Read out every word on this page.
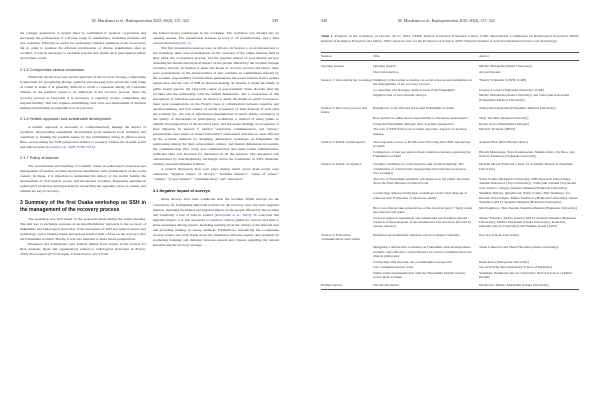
M. Murakami et al.: Radioprotection 2025, 60(4), 337–343	339

the younger generation. A system must be established to promote cooperation and encourage the participation of a diverse range of stakeholders, including evacuees and new residents. Diversity is useful for addressing complex situations at the local level, but in order to promote the efficient participation of diverse stakeholders after an accident, it will be necessary to establish systems that enable such participation before an accident occurs.

2.1.5 Compromise versus consensus

Within the decision process and the selection of the recovery strategy, compromise is important for recognizing diverse opinions and restoring trust. Given the wide range of values at stake, it is generally difficult to reach a consensus among all concerned citizens on the sensitive issues to be addressed in the recovery process. Since the recovery process is long-term, it is necessary to regularly review compromise and respond flexibly. This also requires establishing clear roles and mechanisms of decision making and building an adaptable recovery process.

2.1.6 Holistic approach and sustainable development

A holistic approach is necessary to comprehensively manage the impact of accidents. Incorporating sustainable development goals enhances local resilience and contribute to framing the possible future for the communities living in affected areas. Here, incorporating the SSH perspective enables to properly address the broader social and ethical issues (Cordaill et al., 2020; ICRP, 2018).

2.1.7 Policy of science

The prioritization and handling of scientific issues in radiological protection and management of nuclear accident should be determined with consideration of the social context. In Japan, it is important to understand the history of the atomic bombs, the development of civil nuclear power, and the nuclear accidents. Deepening expertise in radiological protection and appropriately reconciling the opposing views of experts and citizens are key to recovery.

3 Summary of the first Osaka workshop on SSH in the management of the recovery process

The workshop was held based on the proposals made during the online meeting. The aim was to exchange opinions on an interdisciplinary approach to the recovery of Fukushima and radiological protection, from viewpoints of SSH and related science and technology, and to identify issues and lessons learned with a focus on the recovery after the Fukushima accident. Finally, it was also intended to share future perspectives.

Presenters and participants were invited, mainly from experts in the Society for Risk Analysis Japan and organizations related to radiological protection in France. Thirty-five experts (27 from Japan, 6 from France, and 2 from

the United States) participated in the workshop. The workshop was divided into an opening session, five presentation sessions (a total of 19 presentations), and a final overall discussion (Tab. 1).

The five presentation sessions were as follows. In Session 1, as an introduction to the workshop, there were presentations on the overview of the online meeting held in May 2024, the co-expertise process, and the negative impact of post-disaster surveys including the mental and physical impact on the people affected by the accident through excessive surveys. In Session 2, under the theme of recovery process and future, there were presentations on the characteristics of new residents in communities affected by the accident, responsibility towards future generations, the power balance from a gender perspective, and the role of SSH in decision-making. In Session 3, under the theme of public health aspects, the long-term course of post-traumatic stress disorder after the accident and the relationship with the human dimensions, and a comparison of risk perceptions of radiation exposure. In Session 4, under the theme of public acceptance, there were presentations on the French cases of collaboration between expertise and decision-making, and four studies on public acceptance of final disposal of soils after the accident (i.e., the role of information dissemination in public debate, evaluation of the quality of discussions in participatory workshops, a method of using games to identify the perspectives of the involved party, and the recent findings on acceptance of final disposal). In Session 5, entitled “education, communication, and culture,” presentations were made on Osaka University’s educational activities in areas affected by the accident, methods for designing deliberative workshops on Fukushima, the relationship among the land, environment, culture, and human dimensions in tourism, life communication after crisis, and communication and stable iodine administration. Sufficient time was allocated for discussion in all the sessions. The discussion was characterized by interdisciplinary exchanges across the boundaries of SSH, medicine, nursing, and environmental sciences.

A general discussion then took place during which seven main points were addressed: “negative impact of surveys,” “harmful rumours,” “sense of values,” “culture,” “power balance,” “communication,” and “education”.

3.1 Negative impact of surveys

Many surveys have been conducted after the accident. While surveys are the cornerstone for formulating important policies for the recovery, they also have negative impacts, including the mental and physical impact on the people affected by the accident and eventually a loss of trust in science (Kobayashi et al., 2025). To overcome this negative impact, it is first necessary to reinforce ethical guides for surveys and then to share awareness among experts, including learning about the culture of the affected area and providing training on survey methods. Furthermore, introducing the co-expertise process would also help break down the imbalance between experts and residents by promoting listening and dialogue between experts and citizens regarding the current situation and the recovery strategy.

340	M. Murakami et al.: Radioprotection 2025, 60(4), 337–343
Table 1. Program on the workshop on October 26–27, 2024. CEPN: Nuclear Protection Evaluation Centre; ICRP: International Commission on Radiological Protection; IRSN: Institute of Radiation Protection and Safety; JSPS: Japan Society for the Promotion of Science; AIST: National Institute of Advanced Industrial Science and Technology.
Session	Title	Author
Opening session	Opening speech	Michio Murakami (Osaka University)
	Short introduction	All participants
Session 1: Introducing the workshop	Summary of the online workshop on social sciences and humanities in the management of the recovery process	Thierry Schneider (CEPN/ ICRP)
	Co-expertise and dialogue: Some lessons from Fukushima	Jacques Lochard (Nagasaki University/ ICRP)
	Negative side of post-disaster surveys	Michio Murakami (Osaka University) and Tomoyuki Kobayashi (Fukushima Medical University)
Session 2: Recovery process and future	Immigrants to the affected areas after Fukushima accident	Tomoyuki Kobayashi (Fukushima Medical University)
	How should we think about responsibility to the future generations?	Shoji Tsuchida (Kansai University)
	Using the Fukushima dialogue data: A gender perspective	Ryoko Ando (Fukushima Dialogue)
	The role of SSH in the post-accident expertise: Aspects of decision making	Michael Tichauer (IRSN)
Session 3: Public health aspects	The long-term course of PTSD cases following the GEJE and nuclear accident	Arinobu Hori (Hori Mental Clinic)
	Comparison of risk perception about radiation exposure regarding the Fukushima accident	Hiromi Matsunaga, Yuya Kashiwazaki, Makiko Orita, Xu Xiao, and Noboru Takamura (Nagasaki University)
Session 4: Public acceptance	Creating conditions for joint expertise and decision-making: The contribution of collaborative engineering and territorial projection – Two examples	Myriam Merad (National Center for Scientific Research/ Dauphine University)
	The role of Fukushima residents’ information on the public discourse about the final disposal of removed soil	Yume Souma (Hokkaido University/ JSPS Research Fellowship), Takashi Nakazawa (Toyo University), Tomoyuki Tatsumi (Toyohashi Sozo Junior College), Susumu Ohnuma (Hokkaido University)
	Conducting citizen participation workshops on the final disposal of removed soil: Evaluation of discourse quality	Yukihide Shibata, Qinglin Cui, Yume Souma, Mai Tsujimoto, Uz Honam, Nana Kihara, Maiko Takamoto (Hokkaido University), Tetsuo Yasutaka (AIST), Susumu Ohnuma (Hokkaido University)
	How can citizens take perspectives of the involved party?: Study using the removed soil game	Mai Tsujimoto, Yuto Suzuki, Susumu Ohnuma (Hokkaido University)
	Social acceptance assessment and stakeholder involvement: Recent research of final disposal of decontaminated soil and areas affected by nuclear disasters	Tetsuo Yasutaka, Momo Takada (AIST), Susumu Ohnuma (Hokkaido University), Michio Murakami (Osaka University), Kenichiro Onitsuka (Kyoto University) and Yumiko Kanai (AIST)
Session 5: Education, communication, and culture	Hamadori environmental radiation school at Osaka University	Nori Aoi (Osaka University)
	Designing a deliberative workshop on Fukushima with undergraduate students: self-reflection of practitioners in science communication and clinical philosophy	Taisei Umezawa and Shiori Hirohata (Osaka University)
	Connecting with the land: An ecohumanities perspective	Kumi Kato (Wakayama University)
	Life communication in crisis	Sae Ochi (The Jikei University School of Medicine)
	Stable iodine implementation after the Fukushima Daiichi nuclear power plant accident	Yoshitaka Nishikawa (Kyoto University/ Harvard School of Public Health)
Ending session	Overall discussion	Moderator: Michio Murakami (Osaka University)
